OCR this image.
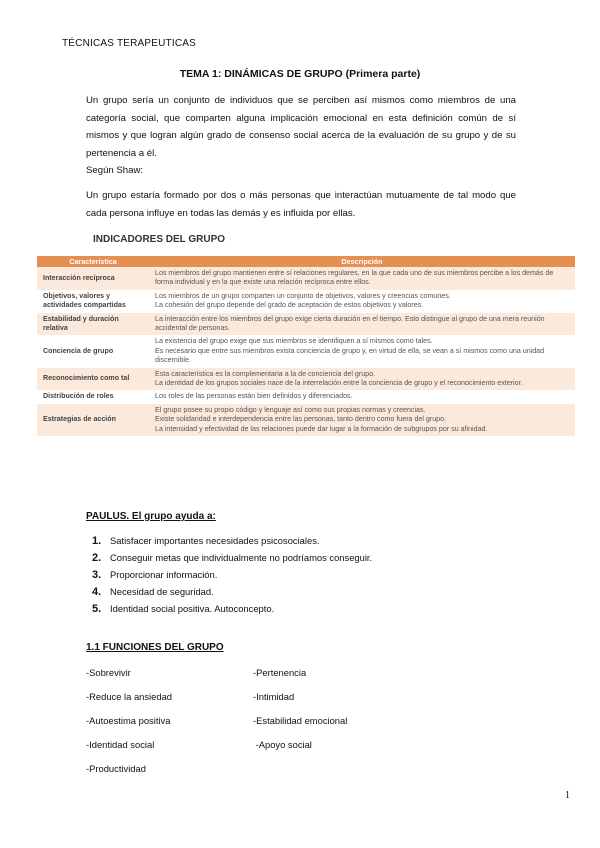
TÉCNICAS TERAPEUTICAS
TEMA 1: DINÁMICAS DE GRUPO (Primera parte)
Un grupo sería un conjunto de individuos que se perciben así mismos como miembros de una categoría social, que comparten alguna implicación emocional en esta definición común de sí mismos y que logran algún grado de consenso social acerca de la evaluación de su grupo y de su pertenencia a él.
Según Shaw:
Un grupo estaría formado por dos o más personas que interactúan mutuamente de tal modo que cada persona influye en todas las demás y es influida por ellas.
INDICADORES DEL GRUPO
Característica	Descripción
Interacción recíproca	Los miembros del grupo mantienen entre sí relaciones regulares, en la que cada uno de sus miembros percibe a los demás de forma individual y en la que existe una relación recíproca entre ellos.

Objetivos, valores y actividades compartidas	Los miembros de un grupo comparten un conjunto de objetivos, valores y creencias comunes.
La cohesión del grupo depende del grado de aceptación de estos objetivos y valores.

Estabilidad y duración relativa	La interacción entre los miembros del grupo exige cierta duración en el tiempo. Esto distingue al grupo de una mera reunión accidental de personas.

Conciencia de grupo	La existencia del grupo exige que sus miembros se identifiquen a sí mismos como tales.
Es necesario que entre sus miembros exista conciencia de grupo y, en virtud de ella, se vean a sí mismos como una unidad discernible.

Reconocimiento como tal	Esta característica es la complementaria a la de conciencia del grupo.
La identidad de los grupos sociales nace de la interrelación entre la conciencia de grupo y el reconocimiento exterior.

Distribución de roles	Los roles de las personas están bien definidos y diferenciados.

Estrategias de acción	El grupo posee su propio código y lenguaje así como sus propias normas y creencias.
Existe solidaridad e interdependencia entre las personas, tanto dentro como fuera del grupo.
La intensidad y efectividad de las relaciones puede dar lugar a la formación de subgrupos por su afinidad.
PAULUS. El grupo ayuda a:
1. Satisfacer importantes necesidades psicosociales.
2. Conseguir metas que individualmente no podríamos conseguir.
3. Proporcionar información.
4. Necesidad de seguridad.
5. Identidad social positiva. Autoconcepto.
1.1 FUNCIONES DEL GRUPO
-Sobrevivir
-Reduce la ansiedad
-Autoestima positiva
-Identidad social
-Productividad
-Pertenencia
-Intimidad
-Estabilidad emocional
-Apoyo social
1
